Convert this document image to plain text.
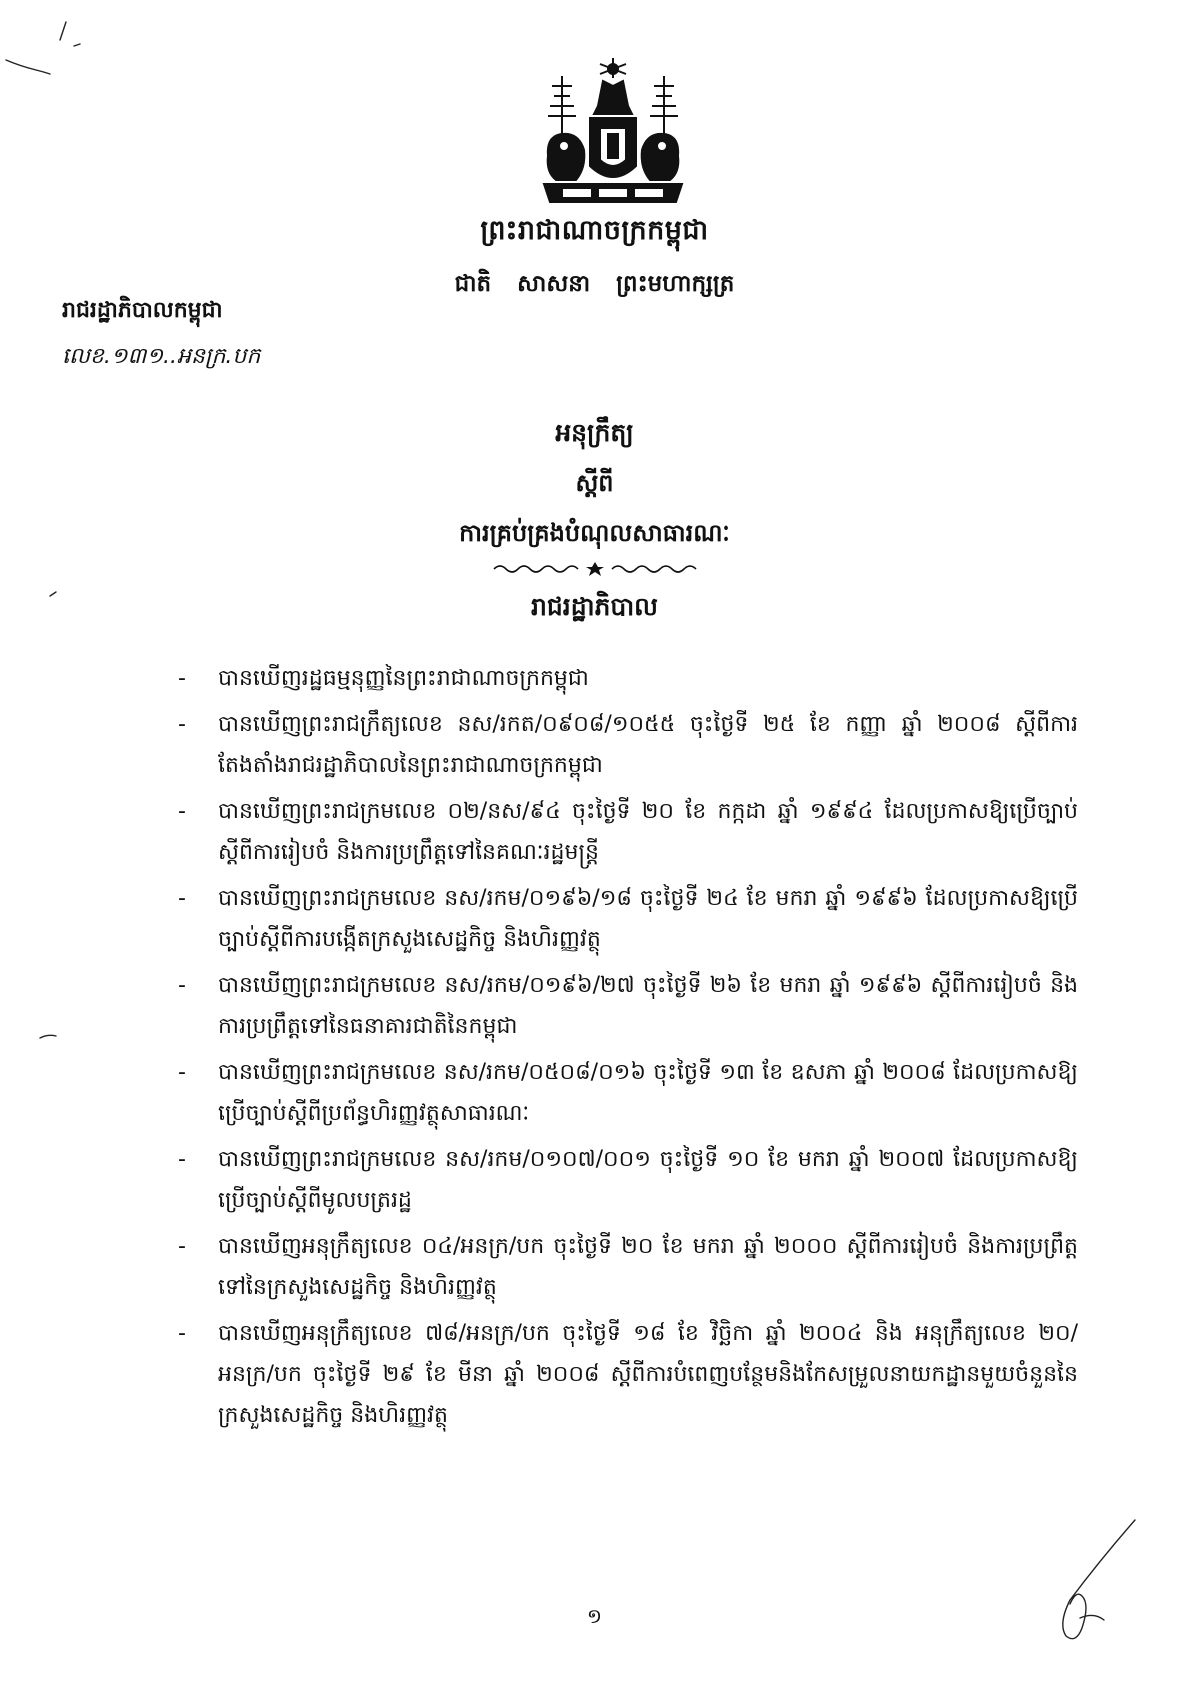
ព្រះរាជាណាចក្រកម្ពុជា
ជាតិ សាសនា ព្រះមហាក្សត្រ
រាជរដ្ឋាភិបាលកម្ពុជា
លេខ.១៣១..អនក្រ.បក
អនុក្រឹត្យ
ស្ដីពី
ការគ្រប់គ្រងបំណុលសាធារណៈ
រាជរដ្ឋាភិបាល
- បានឃើញរដ្ឋធម្មនុញ្ញនៃព្រះរាជាណាចក្រកម្ពុជា
- បានឃើញព្រះរាជក្រឹត្យលេខ នស/រកត/០៩០៨/១០៥៥ ចុះថ្ងៃទី ២៥ ខែ កញ្ញា ឆ្នាំ ២០០៨ ស្ដីពីការតែងតាំងរាជរដ្ឋាភិបាលនៃព្រះរាជាណាចក្រកម្ពុជា
- បានឃើញព្រះរាជក្រមលេខ ០២/នស/៩៤ ចុះថ្ងៃទី ២០ ខែ កក្កដា ឆ្នាំ ១៩៩៤ ដែលប្រកាសឱ្យប្រើច្បាប់ស្ដីពីការរៀបចំ និងការប្រព្រឹត្តទៅនៃគណៈរដ្ឋមន្ត្រី
- បានឃើញព្រះរាជក្រមលេខ នស/រកម/០១៩៦/១៨ ចុះថ្ងៃទី ២៤ ខែ មករា ឆ្នាំ ១៩៩៦ ដែលប្រកាសឱ្យប្រើច្បាប់ស្ដីពីការបង្កើតក្រសួងសេដ្ឋកិច្ច និងហិរញ្ញវត្ថុ
- បានឃើញព្រះរាជក្រមលេខ នស/រកម/០១៩៦/២៧ ចុះថ្ងៃទី ២៦ ខែ មករា ឆ្នាំ ១៩៩៦ ស្ដីពីការរៀបចំ និង ការប្រព្រឹត្តទៅនៃធនាគារជាតិនៃកម្ពុជា
- បានឃើញព្រះរាជក្រមលេខ នស/រកម/០៥០៨/០១៦ ចុះថ្ងៃទី ១៣ ខែ ឧសភា ឆ្នាំ ២០០៨ ដែលប្រកាសឱ្យប្រើច្បាប់ស្ដីពីប្រព័ន្ធហិរញ្ញវត្ថុសាធារណៈ
- បានឃើញព្រះរាជក្រមលេខ នស/រកម/០១០៧/០០១ ចុះថ្ងៃទី ១០ ខែ មករា ឆ្នាំ ២០០៧ ដែលប្រកាសឱ្យប្រើច្បាប់ស្ដីពីមូលបត្ររដ្ឋ
- បានឃើញអនុក្រឹត្យលេខ ០៤/អនក្រ/បក ចុះថ្ងៃទី ២០ ខែ មករា ឆ្នាំ ២០០០ ស្ដីពីការរៀបចំ និងការប្រព្រឹត្តទៅនៃក្រសួងសេដ្ឋកិច្ច និងហិរញ្ញវត្ថុ
- បានឃើញអនុក្រឹត្យលេខ ៧៨/អនក្រ/បក ចុះថ្ងៃទី ១៨ ខែ វិច្ឆិកា ឆ្នាំ ២០០៤ និង អនុក្រឹត្យលេខ ២០/អនក្រ/បក ចុះថ្ងៃទី ២៩ ខែ មីនា ឆ្នាំ ២០០៨ ស្ដីពីការបំពេញបន្ថែមនិងកែសម្រួលនាយកដ្ឋានមួយចំនួននៃក្រសួងសេដ្ឋកិច្ច និងហិរញ្ញវត្ថុ
១
